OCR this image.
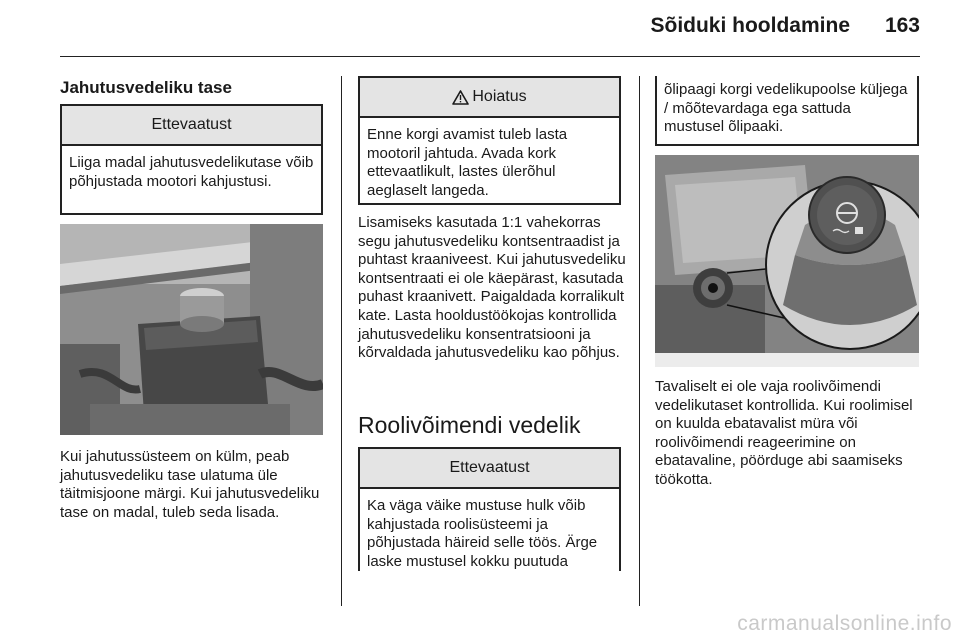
Sõiduki hooldamine 163
Jahutusvedeliku tase
Ettevaatust
Liiga madal jahutusvedelikutase võib põhjustada mootori kahjustusi.
Kui jahutussüsteem on külm, peab jahutusvedeliku tase ulatuma üle täitmisjoone märgi. Kui jahutusvedeliku tase on madal, tuleb seda lisada.
Hoiatus
Enne korgi avamist tuleb lasta mootoril jahtuda. Avada kork ettevaatlikult, lastes ülerõhul aeglaselt langeda.
Lisamiseks kasutada 1:1 vahekorras segu jahutusvedeliku kontsentraadist ja puhtast kraaniveest. Kui jahutusvedeliku kontsentraati ei ole käepärast, kasutada puhast kraanivett. Paigaldada korralikult kate. Lasta hooldustöökojas kontrollida jahutusvedeliku konsentratsiooni ja kõrvaldada jahutusvedeliku kao põhjus.
Roolivõimendi vedelik
Ettevaatust
Ka väga väike mustuse hulk võib kahjustada roolisüsteemi ja põhjustada häireid selle töös. Ärge laske mustusel kokku puutuda
õlipaagi korgi vedelikupoolse küljega / mõõtevardaga ega sattuda mustusel õlipaaki.
Tavaliselt ei ole vaja roolivõimendi vedelikutaset kontrollida. Kui roolimisel on kuulda ebatavalist müra või roolivõimendi reageerimine on ebatavaline, pöörduge abi saamiseks töökotta.
carmanualsonline.info
